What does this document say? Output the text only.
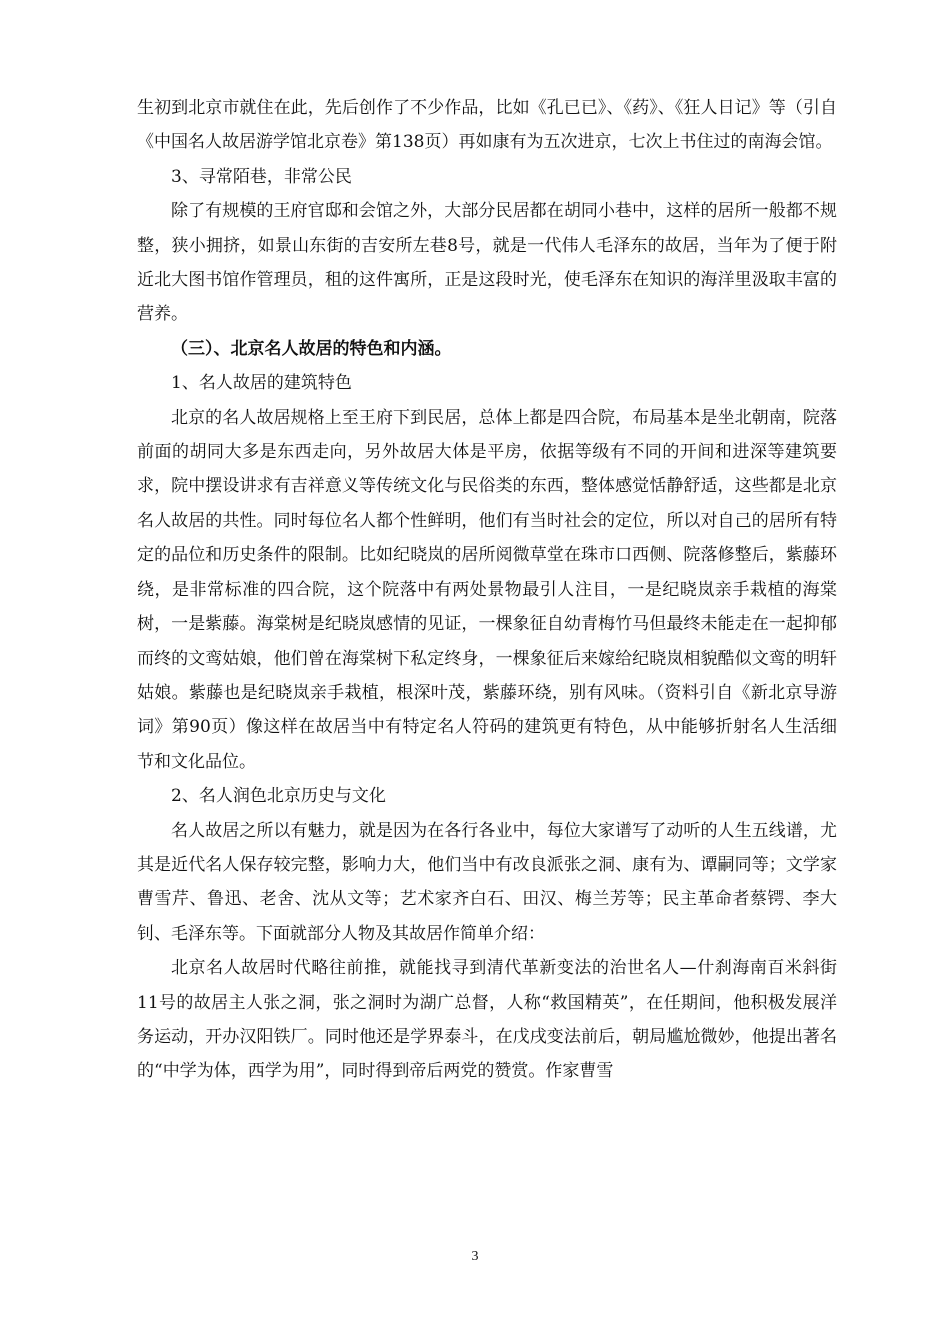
生初到北京市就住在此，先后创作了不少作品，比如《孔已已》、《药》、《狂人日记》等（引自《中国名人故居游学馆北京卷》第138页）再如康有为五次进京，七次上书住过的南海会馆。

3、寻常陌巷，非常公民

除了有规模的王府官邸和会馆之外，大部分民居都在胡同小巷中，这样的居所一般都不规整，狭小拥挤，如景山东街的吉安所左巷8号，就是一代伟人毛泽东的故居，当年为了便于附近北大图书馆作管理员，租的这件寓所，正是这段时光，使毛泽东在知识的海洋里汲取丰富的营养。

（三）、北京名人故居的特色和内涵。

1、名人故居的建筑特色

北京的名人故居规格上至王府下到民居，总体上都是四合院，布局基本是坐北朝南，院落前面的胡同大多是东西走向，另外故居大体是平房，依据等级有不同的开间和进深等建筑要求，院中摆设讲求有吉祥意义等传统文化与民俗类的东西，整体感觉恬静舒适，这些都是北京名人故居的共性。同时每位名人都个性鲜明，他们有当时社会的定位，所以对自己的居所有特定的品位和历史条件的限制。比如纪晓岚的居所阅微草堂在珠市口西侧、院落修整后，紫藤环绕，是非常标准的四合院，这个院落中有两处景物最引人注目，一是纪晓岚亲手栽植的海棠树，一是紫藤。海棠树是纪晓岚感情的见证，一棵象征自幼青梅竹马但最终未能走在一起抑郁而终的文鸾姑娘，他们曾在海棠树下私定终身，一棵象征后来嫁给纪晓岚相貌酷似文鸾的明轩姑娘。紫藤也是纪晓岚亲手栽植，根深叶茂，紫藤环绕，别有风味。（资料引自《新北京导游词》第90页）像这样在故居当中有特定名人符码的建筑更有特色，从中能够折射名人生活细节和文化品位。

2、名人润色北京历史与文化

名人故居之所以有魅力，就是因为在各行各业中，每位大家谱写了动听的人生五线谱，尤其是近代名人保存较完整，影响力大，他们当中有改良派张之洞、康有为、谭嗣同等；文学家曹雪芹、鲁迅、老舍、沈从文等；艺术家齐白石、田汉、梅兰芳等；民主革命者蔡锷、李大钊、毛泽东等。下面就部分人物及其故居作简单介绍：

北京名人故居时代略往前推，就能找寻到清代革新变法的治世名人—什刹海南百米斜街11号的故居主人张之洞，张之洞时为湖广总督，人称“救国精英”，在任期间，他积极发展洋务运动，开办汉阳铁厂。同时他还是学界泰斗，在戊戌变法前后，朝局尴尬微妙，他提出著名的“中学为体，西学为用”，同时得到帝后两党的赞赏。作家曹雪

3
